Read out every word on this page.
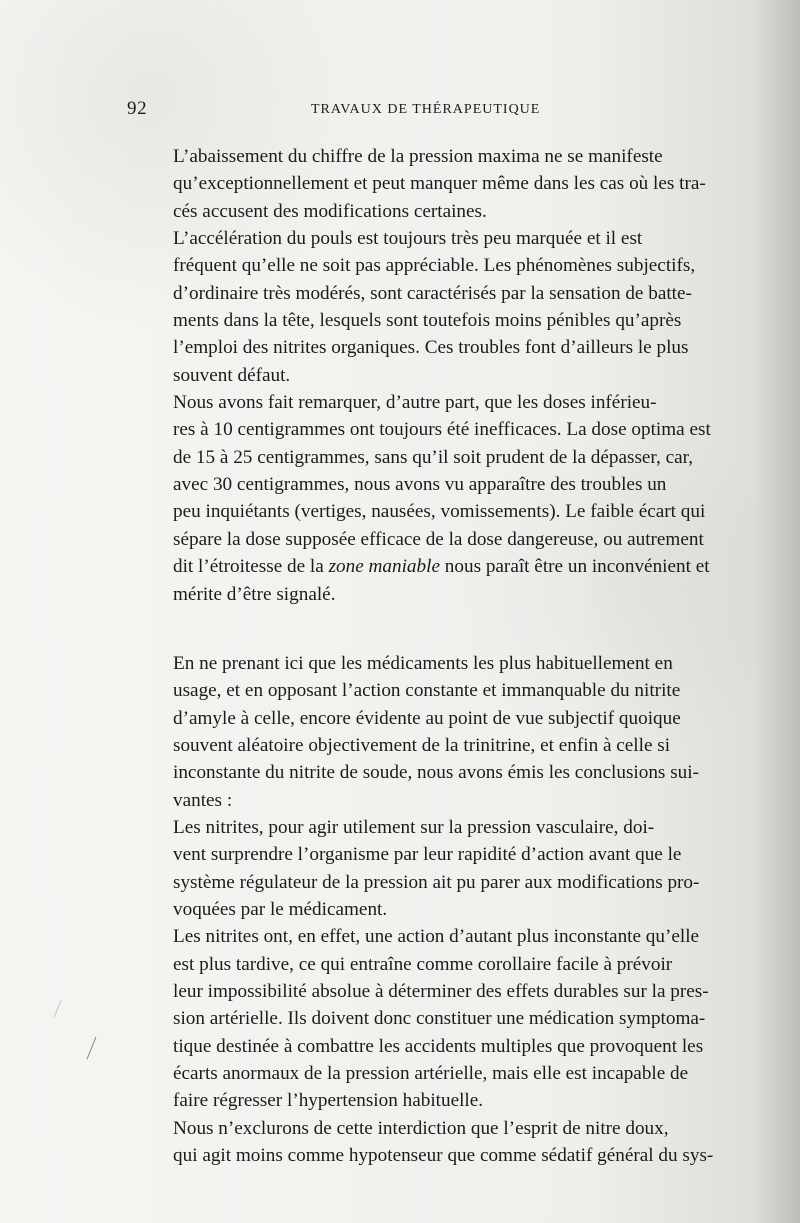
92	TRAVAUX DE THÉRAPEUTIQUE

L’abaissement du chiffre de la pression maxima ne se manifeste
qu’exceptionnellement et peut manquer même dans les cas où les tra-
cés accusent des modifications certaines.

L’accélération du pouls est toujours très peu marquée et il est
fréquent qu’elle ne soit pas appréciable. Les phénomènes subjectifs,
d’ordinaire très modérés, sont caractérisés par la sensation de batte-
ments dans la tête, lesquels sont toutefois moins pénibles qu’après
l’emploi des nitrites organiques. Ces troubles font d’ailleurs le plus
souvent défaut.

Nous avons fait remarquer, d’autre part, que les doses inférieu-
res à 10 centigrammes ont toujours été inefficaces. La dose optima est
de 15 à 25 centigrammes, sans qu’il soit prudent de la dépasser, car,
avec 30 centigrammes, nous avons vu apparaître des troubles un
peu inquiétants (vertiges, nausées, vomissements). Le faible écart qui
sépare la dose supposée efficace de la dose dangereuse, ou autrement
dit l’étroitesse de la zone maniable nous paraît être un inconvénient et
mérite d’être signalé.

En ne prenant ici que les médicaments les plus habituellement en
usage, et en opposant l’action constante et immanquable du nitrite
d’amyle à celle, encore évidente au point de vue subjectif quoique
souvent aléatoire objectivement de la trinitrine, et enfin à celle si
inconstante du nitrite de soude, nous avons émis les conclusions sui-
vantes :

Les nitrites, pour agir utilement sur la pression vasculaire, doi-
vent surprendre l’organisme par leur rapidité d’action avant que le
système régulateur de la pression ait pu parer aux modifications pro-
voquées par le médicament.

Les nitrites ont, en effet, une action d’autant plus inconstante qu’elle
est plus tardive, ce qui entraîne comme corollaire facile à prévoir
leur impossibilité absolue à déterminer des effets durables sur la pres-
sion artérielle. Ils doivent donc constituer une médication symptoma-
tique destinée à combattre les accidents multiples que provoquent les
écarts anormaux de la pression artérielle, mais elle est incapable de
faire régresser l’hypertension habituelle.

Nous n’exclurons de cette interdiction que l’esprit de nitre doux,
qui agit moins comme hypotenseur que comme sédatif général du sys-
